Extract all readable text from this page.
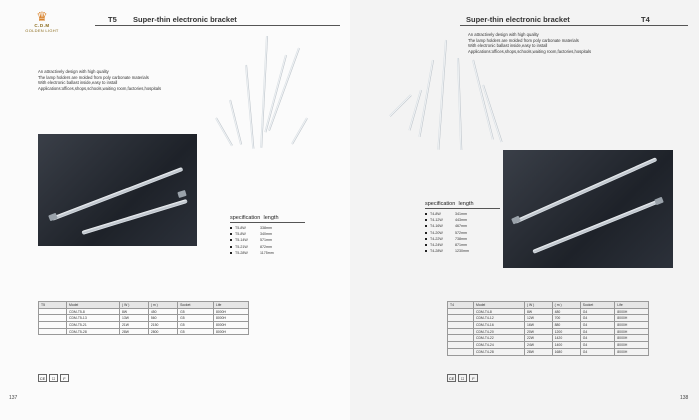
♛
C.D.M
GOLDEN LIGHT
T5 Super-thin electronic bracket
An attractively design with high quality
The lamp holders are molded from poly carbonate materials
With electronic ballast inside,easy to install
Applications:offices,shops,schools,waiting room,factories,hospitals
specification length
T5-8W	338mm
T5-8W	340mm
T5-14W	571mm
T5-21W	872mm
T5-28W	1175mm
T5	Model	( W )	( m )	Socket	Life
	CDM-T5-8	8W	450	G5	8000H
	CDM-T5-13	13W	560	G5	8000H
	CDM-T5-21	21W	2150	G5	8000H
	CDM-T5-28	28W	2800	G5	8000H
CE	☐	F
137
Super-thin electronic bracket	T4
An attractively design with high quality
The lamp holders are molded from poly carbonate materials
With electronic ballast inside,easy to install
Applications:offices,shops,schools,waiting room,factories,hospitals
specification length
T4-8W	341mm
T4-12W	443mm
T4-16W	467mm
T4-20W	572mm
T4-22W	738mm
T4-24W	871mm
T4-28W	1230mm
T4	Model	( W )	( m )	Socket	Life
	CDM-T4-8	8W	480	G4	8000H
	CDM-T4-12	12W	700	G4	8000H
	CDM-T4-16	16W	880	G4	8000H
	CDM-T4-20	20W	1200	G4	8000H
	CDM-T4-22	22W	1420	G4	8000H
	CDM-T4-24	24W	1400	G4	8000H
	CDM-T4-28	28W	1680	G4	8000H
CE	☐	F
138
